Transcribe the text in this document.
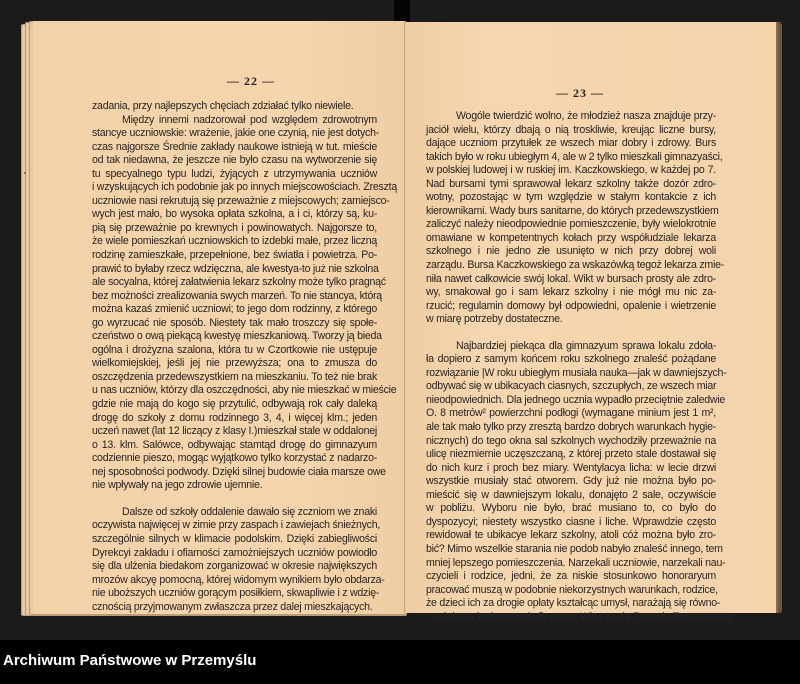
— 22 —

zadania, przy najlepszych chęciach zdziałać tylko niewiele.

Między innemi nadzorował pod względem zdrowotnym
stancye uczniowskie: wrażenie, jakie one czynią, nie jest dotych-
czas najgorsze Średnie zakłady naukowe istnieją w tut. mieście
od tak niedawna, że jeszcze nie było czasu na wytworzenie się
tu specyalnego typu ludzi, żyjących z utrzymywania uczniów
i wzyskujących ich podobnie jak po innych miejscowościach. Zresztą
uczniowie nasi rekrutują się przeważnie z miejscowych; zamiejsco-
wych jest mało, bo wysoka opłata szkolna, a i ci, którzy są, ku-
pią się przeważnie po krewnych i powinowatych. Najgorsze to,
że wiele pomieszkań uczniowskich to izdebki małe, przez liczną
rodzinę zamieszkałe, przepełnione, bez światła i powietrza. Po-
prawić to byłaby rzecz wdzięczna, ale kwestya-to już nie szkolna
ale socyalna, której załatwienia lekarz szkolny może tylko pragnąć
bez możności zrealizowania swych marzeń. To nie stancya, którą
można kazaś zmienić uczniowi; to jego dom rodzinny, z którego
go wyrzucać nie sposób. Niestety tak mało troszczy się społe-
czeństwo o ową piekącą kwestyę mieszkaniową. Tworzy ją bieda
ogólna i drożyzna szalona, która tu w Czortkowie nie ustępuje
wielkomiejskiej, jeśli jej nie przewyższa; ona to zmusza do
oszczędzenia przedewszystkiem na mieszkaniu. To też nie brak
u nas uczniów, którzy dla oszczędności, aby nie mieszkać w mieście
gdzie nie mają do kogo się przytulić, odbywają rok cały daleką
drogę do szkoły z domu rodzinnego 3, 4, i więcej klm.; jeden
uczeń nawet (lat 12 liczący z klasy I.)mieszkał stale w oddalonej
o 13. klm. Salówce, odbywając stamtąd drogę do gimnazyum
codziennie pieszo, mogąc wyjątkowo tylko korzystać z nadarzo-
nej sposobności podwody. Dzięki silnej budowie ciała marsze owe
nie wpływały na jego zdrowie ujemnie.

Dalsze od szkoły oddalenie dawało się zczniom we znaki
oczywista najwięcej w zimie przy zaspach i zawiejach śnieżnych,
szczególnie silnych w klimacie podolskim. Dzięki zabiegliwości
Dyrekcyi zakładu i ofiarności zamożniejszych uczniów powiodło
się dla ulżenia biedakom zorganizować w okresie największych
mrozów akcyę pomocną, której widomym wynikiem było obdarza-
nie uboższych uczniów gorącym posiłkiem, skwapliwie i z wdzię-
cznością przyjmowanym zwłaszcza przez dalej mieszkających.

— 23 —

Wogóle twierdzić wolno, że młodzież nasza znajduje przy-
jaciół wielu, którzy dbają o nią troskliwie, kreując liczne bursy,
dające uczniom przytułek ze wszech miar dobry i zdrowy. Burs
takich było w roku ubiegłym 4, ale w 2 tylko mieszkali gimnazyaści,
w polskiej ludowej i w ruskiej im. Kaczkowskiego, w każdej po 7.
Nad bursami tymi sprawował lekarz szkolny także dozór zdro-
wotny, pozostając w tym względzie w stałym kontakcie z ich
kierownikami. Wady burs sanitarne, do których przedewszystkiem
zaliczyć należy nieodpowiednie pomieszczenie, były wielokrotnie
omawiane w kompetentnych kołach przy współudziale lekarza
szkolnego i nie jedno złe usunięto w nich przy dobrej woli
zarządu. Bursa Kaczkowskiego za wskazówką tegoż lekarza zmie-
niła nawet całkowicie swój lokal. Wikt w bursach prosty ale zdro-
wy, smakował go i sam lekarz szkolny i nie mógł mu nic za-
rzucić; regulamin domowy był odpowiedni, opalenie i wietrzenie
w miarę potrzeby dostateczne.

Najbardziej piekąca dla gimnazyum sprawa lokalu zdoła-
ła dopiero z samym końcem roku szkolnego znaleść pożądane
rozwiązanie |W roku ubiegłym musiała nauka—jak w dawniejszych-
odbywać się w ubikacyach ciasnych, szczupłych, ze wszech miar
nieodpowiednich. Dla jednego ucznia wypadło przeciętnie zaledwie
O. 8 metrów² powierzchni podłogi (wymagane minium jest 1 m²,
ale tak mało tylko przy zresztą bardzo dobrych warunkach hygie-
nicznych) do tego okna sal szkolnych wychodziły przeważnie na
ulicę niezmiernie uczęszczaną, z której przeto stale dostawał się
do nich kurz i proch bez miary. Wentylacya licha: w lecie drzwi
wszystkie musiały stać otworem. Gdy już nie można było po-
mieścić się w dawniejszym lokalu, donajęto 2 sale, oczywiście
w pobliżu. Wyboru nie było, brać musiano to, co było do
dyspozycyi; niestety wszystko ciasne i liche. Wprawdzie często
rewidował te ubikacye lekarz szkolny, atoli cóż można było zro-
bić? Mimo wszelkie starania nie podob nabyło znaleść innego, tem
mniej lepszego pomieszczenia. Narzekali uczniowie, narzekali nau-
czycieli i rodzice, jedni, że za niskie stosunkowo honoraryum
pracować muszą w podobnie niekorzystnych warunkach, rodzice,
że dzieci ich za drogie opłaty kształcąc umysł, narażają się równo-
cześnie na karłowacenie fizyczne, Wina to nie Zarządu Towarzystwa,

Archiwum Państwowe w Przemyślu
